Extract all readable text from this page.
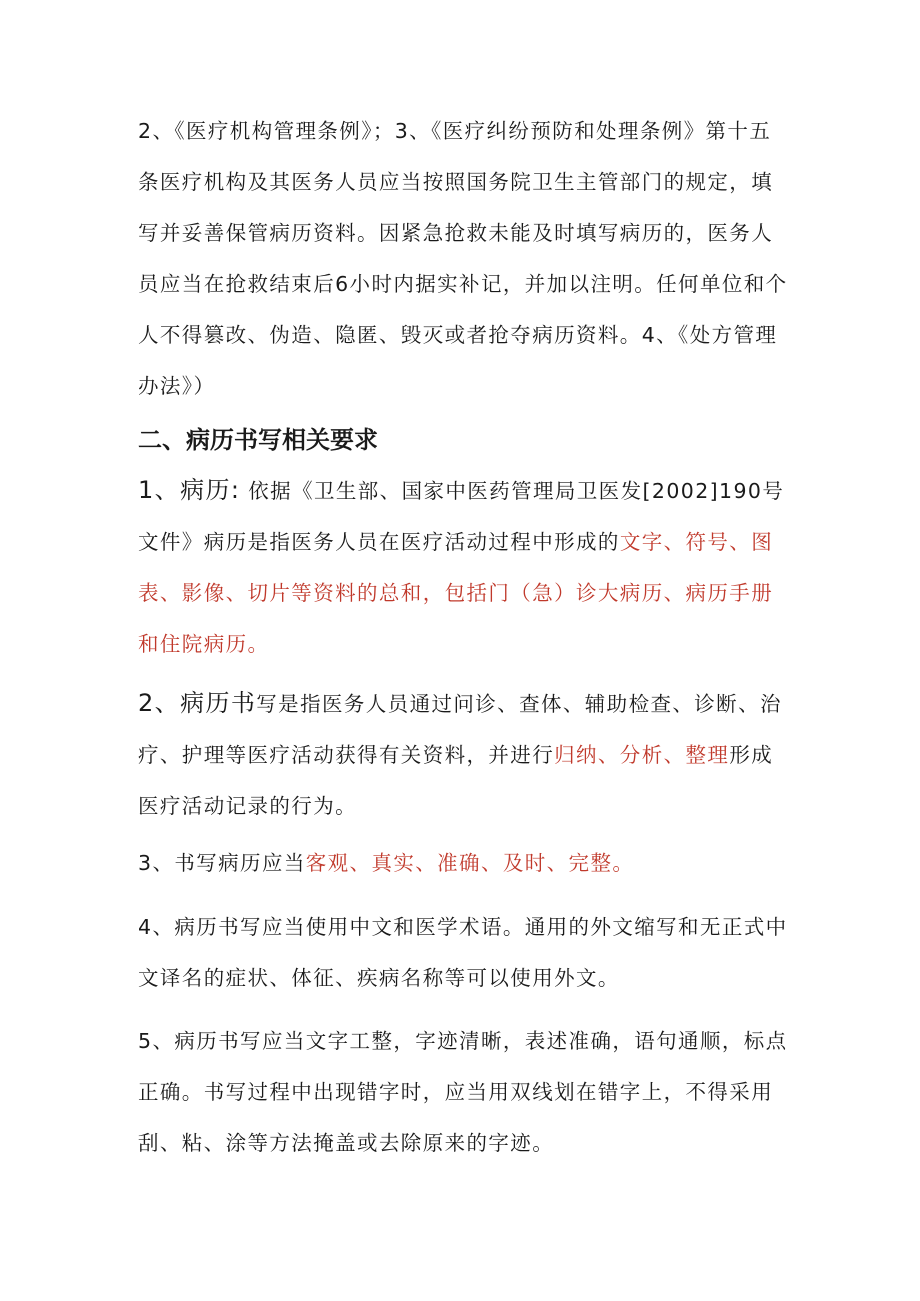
2、《医疗机构管理条例》；3、《医疗纠纷预防和处理条例》第十五条医疗机构及其医务人员应当按照国务院卫生主管部门的规定，填写并妥善保管病历资料。因紧急抢救未能及时填写病历的，医务人员应当在抢救结束后6小时内据实补记，并加以注明。任何单位和个人不得篡改、伪造、隐匿、毁灭或者抢夺病历资料。4、《处方管理办法》）

二、病历书写相关要求

1、病历: 依据《卫生部、国家中医药管理局卫医发[2002]190号文件》病历是指医务人员在医疗活动过程中形成的文字、符号、图表、影像、切片等资料的总和，包括门（急）诊大病历、病历手册和住院病历。

2、病历书写是指医务人员通过问诊、查体、辅助检查、诊断、治疗、护理等医疗活动获得有关资料，并进行归纳、分析、整理形成医疗活动记录的行为。

3、书写病历应当客观、真实、准确、及时、完整。

4、病历书写应当使用中文和医学术语。通用的外文缩写和无正式中文译名的症状、体征、疾病名称等可以使用外文。

5、病历书写应当文字工整，字迹清晰，表述准确，语句通顺，标点正确。书写过程中出现错字时，应当用双线划在错字上，不得采用刮、粘、涂等方法掩盖或去除原来的字迹。
